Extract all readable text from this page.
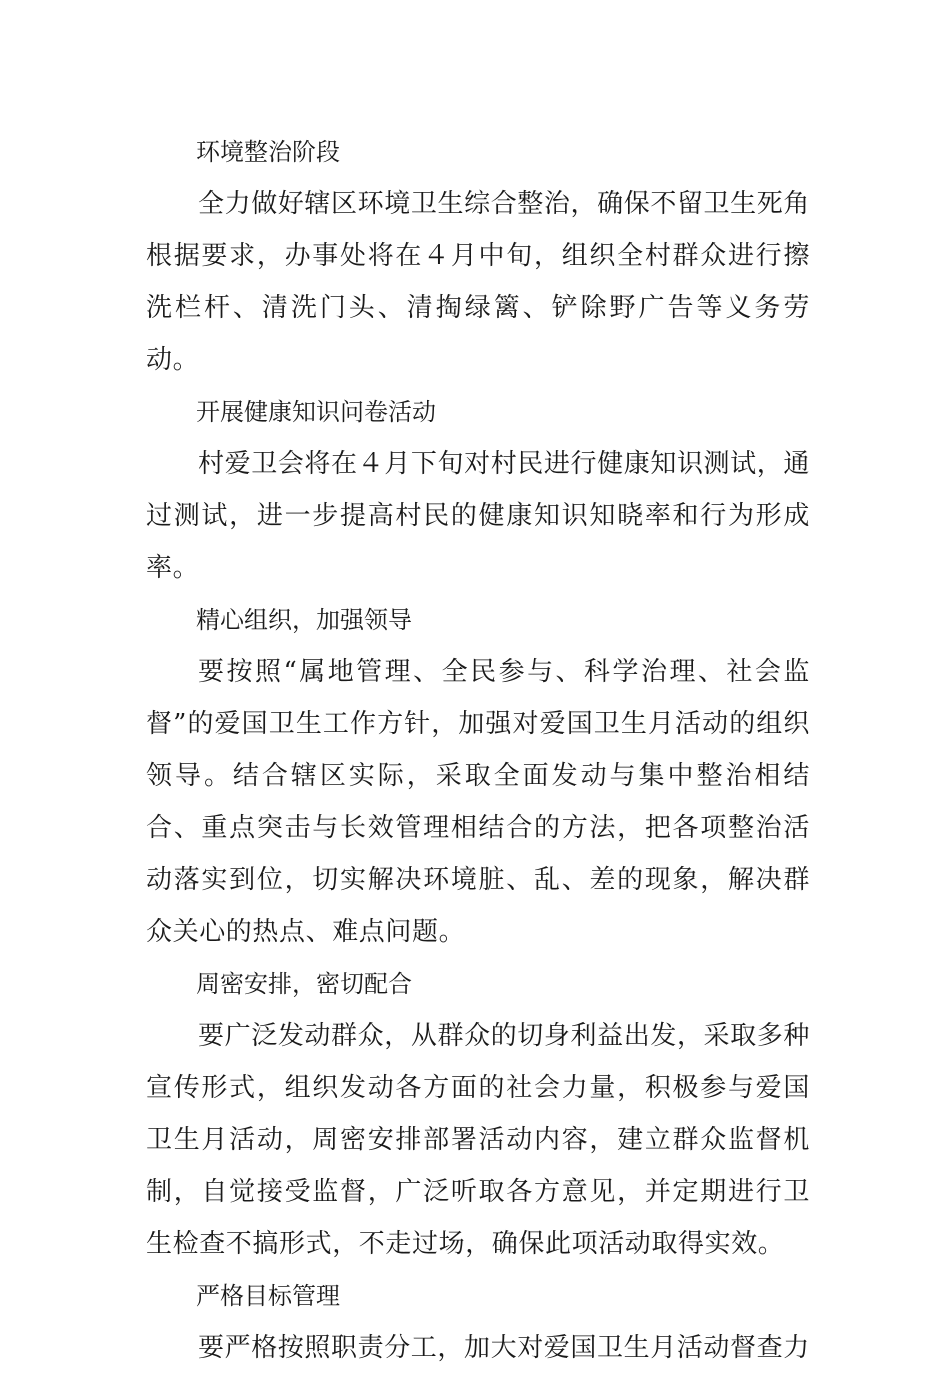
环境整治阶段
全力做好辖区环境卫生综合整治，确保不留卫生死角根据要求，办事处将在４月中旬，组织全村群众进行擦洗栏杆、清洗门头、清掏绿篱、铲除野广告等义务劳动。
开展健康知识问卷活动
村爱卫会将在４月下旬对村民进行健康知识测试，通过测试，进一步提高村民的健康知识知晓率和行为形成率。
精心组织，加强领导
要按照“属地管理、全民参与、科学治理、社会监督”的爱国卫生工作方针，加强对爱国卫生月活动的组织领导。结合辖区实际，采取全面发动与集中整治相结合、重点突击与长效管理相结合的方法，把各项整治活动落实到位，切实解决环境脏、乱、差的现象，解决群众关心的热点、难点问题。
周密安排，密切配合
要广泛发动群众，从群众的切身利益出发，采取多种宣传形式，组织发动各方面的社会力量，积极参与爱国卫生月活动，周密安排部署活动内容，建立群众监督机制，自觉接受监督，广泛听取各方意见，并定期进行卫生检查不搞形式，不走过场，确保此项活动取得实效。
严格目标管理
要严格按照职责分工，加大对爱国卫生月活动督查力
